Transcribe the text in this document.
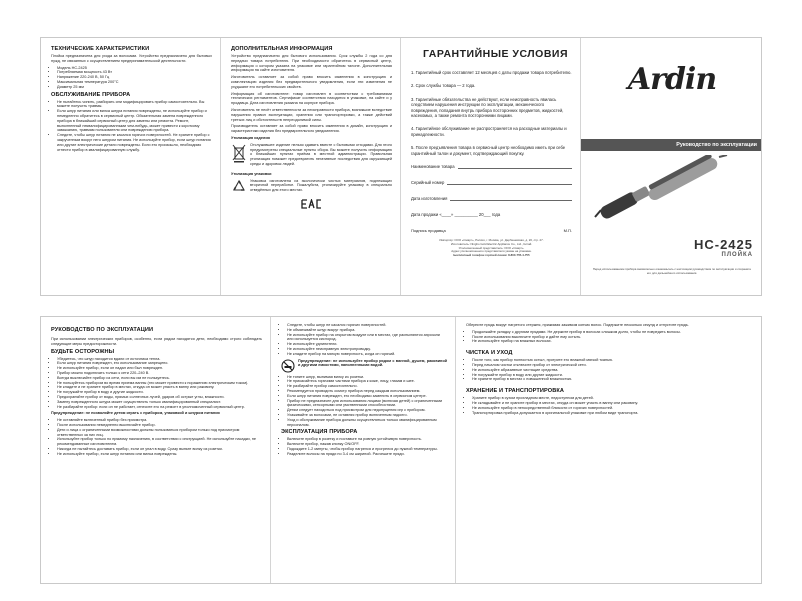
ТЕХНИЧЕСКИЕ ХАРАКТЕРИСТИКИ

Плойка предназначена для ухода за волосами. Устройство предназначено для бытовых нужд, не связанных с осуществлением предпринимательской деятельности.

• Модель HC-2425
• Потребляемая мощность 43 Вт
• Напряжение 220-240 В, 50 Гц
• Максимальная температура 200°С
• Диаметр 25 мм
ОБСЛУЖИВАНИЕ ПРИБОРА
• Не пытайтесь чинить, разбирать или модифицировать прибор самостоятельно. Вы можете получить травмы.
• Если шнур питания или вилка шнура питания повреждены, не используйте прибор и немедленно обратитесь в сервисный центр. Обязательная замена поврежденного прибора в ближайший сервисный центр для замены или ремонта. Ремонт, выполненный неквалифицированными чем-нибудь, может привести к короткому замыканию, травмам пользователя или повреждению прибора.
• Следите, чтобы шнур питания не касался горячих поверхностей. Не храните прибор с закрученным вокруг него шнуром питания. Не используйте прибор, если шнур питания или другие электрические детали повреждены. Если это произошло, необходимо отнести прибор в квалифицированную службу.
ДОПОЛНИТЕЛЬНАЯ ИНФОРМАЦИЯ

Устройство предназначено для бытового использования. Срок службы 2 года со дня передачи товара потребителю. При необходимости обратитесь в сервисный центр, информация о котором указана на упаковке или гарантийном талоне. Дополнительная информация на сайте изготовителя.

Изготовитель оставляет за собой право вносить изменения в конструкцию и комплектацию изделия без предварительного уведомления, если эти изменения не ухудшают его потребительских свойств.

Информация об изготовителе: товар изготовлен в соответствии с требованиями технических регламентов. Сертификат соответствия находится в упаковке, на сайте и у продавца. Дата изготовления указана на корпусе прибора.

Изготовитель не несёт ответственности за неисправности прибора, возникшие вследствие нарушения правил эксплуатации, хранения или транспортировки, а также действий третьих лиц и обстоятельств непреодолимой силы.

Производитель оставляет за собой право вносить изменения в дизайн, конструкцию и характеристики изделия без предварительного уведомления.

Утилизация изделия

Отслужившее изделие нельзя сдавать вместе с бытовыми отходами. Для этого предусмотрены специальные пункты сбора. Вы можете получить информацию о ближайших пунктах приёма в местной администрации. Правильная утилизация поможет предотвратить негативные последствия для окружающей среды и здоровья людей.

Утилизация упаковки

Упаковка изготовлена из экологически чистых материалов, подлежащих вторичной переработке. Пожалуйста, утилизируйте упаковку в специально отведённых для этого местах.

ГАРАНТИЙНЫЕ УСЛОВИЯ
1. Гарантийный срок составляет 12 месяцев с даты продажи товара потребителю.
2. Срок службы товара — 2 года.
3. Гарантийные обязательства не действуют, если неисправность явилась следствием нарушения инструкции по эксплуатации, механического повреждения, попадания внутрь прибора посторонних предметов, жидкостей, насекомых, а также ремонта посторонними лицами.
4. Гарантийное обслуживание не распространяется на расходные материалы и принадлежности.
5. После предъявления товара в сервисный центр необходимо иметь при себе гарантийный талон и документ, подтверждающий покупку.
Наименование товара
Серийный номер
Дата изготовления
Дата продажи «____» __________ 20___ года
Подпись продавца	М.П.

Импортёр: ООО «Смарт», Россия, г. Москва, ул. Дербеневская, д. 20, стр. 27.

Изготовитель: Ningbo Gold Electric Appliance Co., Ltd., Китай.

Уполномоченный представитель: ООО «Смарт».

Адрес уполномоченного представителя указан на упаковке.

Бесплатный телефон горячей линии: 8-800-755-4-755

Ardin
Руководство по эксплуатации
HC-2425
ПЛОЙКА

Перед использованием прибора внимательно ознакомьтесь с настоящим руководством по эксплуатации и сохраните его для дальнейшего использования.

РУКОВОДСТВО ПО ЭКСПЛУАТАЦИИ

При использовании электрических приборов, особенно, если рядом находятся дети, необходимо строго соблюдать следующие меры предосторожности.

БУДЬТЕ ОСТОРОЖНЫ
• Убедитесь, что шнур находится вдали от источника тепла.
• Если шнур питания поврежден, его использование запрещено.
• Не используйте прибор, если он падал или был поврежден.
• Прибор можно подключать только к сети 220–240 В.
• Всегда выключайте прибор из сети, если вы им не пользуетесь.
• Не пользуйтесь прибором во время приема ванны (это может привести к поражению электрическим током).
• Не кладите и не храните прибор в местах, откуда он может упасть в ванну или раковину.
• Не погружайте прибор в воду и другие жидкости.
• Предохраняйте прибор от воды, прямых солнечных лучей, ударов об острые углы, влажности.
• Замену поврежденного шнура может осуществлять только квалифицированный специалист.
• Не разбирайте прибор: если он не работает, отнесите его на ремонт в уполномоченный сервисный центр.

Предупреждение: не позволяйте детям играть с прибором, упаковкой и шнуром питания

• Не оставляйте включенный прибор без присмотра.
• После использования немедленно выключайте прибор.
• Дети и лица с ограниченными возможностями должны пользоваться прибором только под присмотром ответственных за них лиц.
• Используйте прибор только по прямому назначению, в соответствии с инструкцией. Не используйте насадки, не рекомендованные изготовителем.
• Никогда не пытайтесь доставать прибор, если он упал в воду. Сразу выньте вилку из розетки.
• Не используйте прибор, если шнур питания или вилка повреждены.
• Следите, чтобы шнур не касался горячих поверхностей.
• Не обматывайте шнур вокруг прибора.
• Не используйте прибор на открытом воздухе или в местах, где распыляются аэрозоли или используется кислород.
• Не используйте удлинители.
• Не используйте неисправную электропроводку.
• Не кладите прибор на мягкую поверхность, когда он горячий.

Предупреждение: не используйте прибор рядом с ванной, душем, раковиной и другими емкостями, наполненными водой.

• Не тяните шнур, вынимая вилку из розетки.
• Не прикасайтесь горячими частями прибора к коже, лицу, глазам и шее.
• Не разбирайте прибор самостоятельно.
• Рекомендуется проводить осмотр прибора перед каждым использованием.
• Если шнур питания поврежден, его необходимо заменить в сервисном центре.
• Прибор не предназначен для использования лицами (включая детей) с ограниченными физическими, сенсорными или умственными способностями.
• Детям следует находиться под присмотром для недопущения игр с прибором.
• Ухаживайте за волосами, не оставляя прибор включенным надолго.
• Уход и обслуживание прибора должны осуществляться только квалифицированным персоналом.
ЭКСПЛУАТАЦИЯ ПРИБОРА
• Включите прибор в розетку и поставьте на ровную устойчивую поверхность.
• Включите прибор, нажав кнопку ON/OFF.
• Подождите 1-2 минуты, чтобы прибор нагрелся и прогрелся до нужной температуры.
• Разделите волосы на пряди по 3-4 см шириной. Расчешите пряди.

Оберните прядь вокруг нагретого стержня, прижимая зажимом кончик волос. Подержите несколько секунд и отпустите прядь.

• Продолжайте укладку с другими прядями. Не держите прибор в волосах слишком долго, чтобы не повредить волосы.
• После использования выключите прибор и дайте ему остыть.
• Не используйте прибор на влажных волосах.
ЧИСТКА И УХОД
• После того, как прибор полностью остыл, протрите его влажной мягкой тканью.
• Перед началом чистки отключите прибор от электрической сети.
• Не используйте абразивные чистящие средства.
• Не погружайте прибор в воду или другие жидкости.
• Не храните прибор в местах с повышенной влажностью.
ХРАНЕНИЕ И ТРАНСПОРТИРОВКА
• Храните прибор в сухом прохладном месте, недоступном для детей.
• Не складывайте и не храните прибор в местах, откуда он может упасть в ванну или раковину.
• Не используйте прибор в непосредственной близости от горячих поверхностей.
• Транспортировка прибора допускается в оригинальной упаковке при любом виде транспорта.
